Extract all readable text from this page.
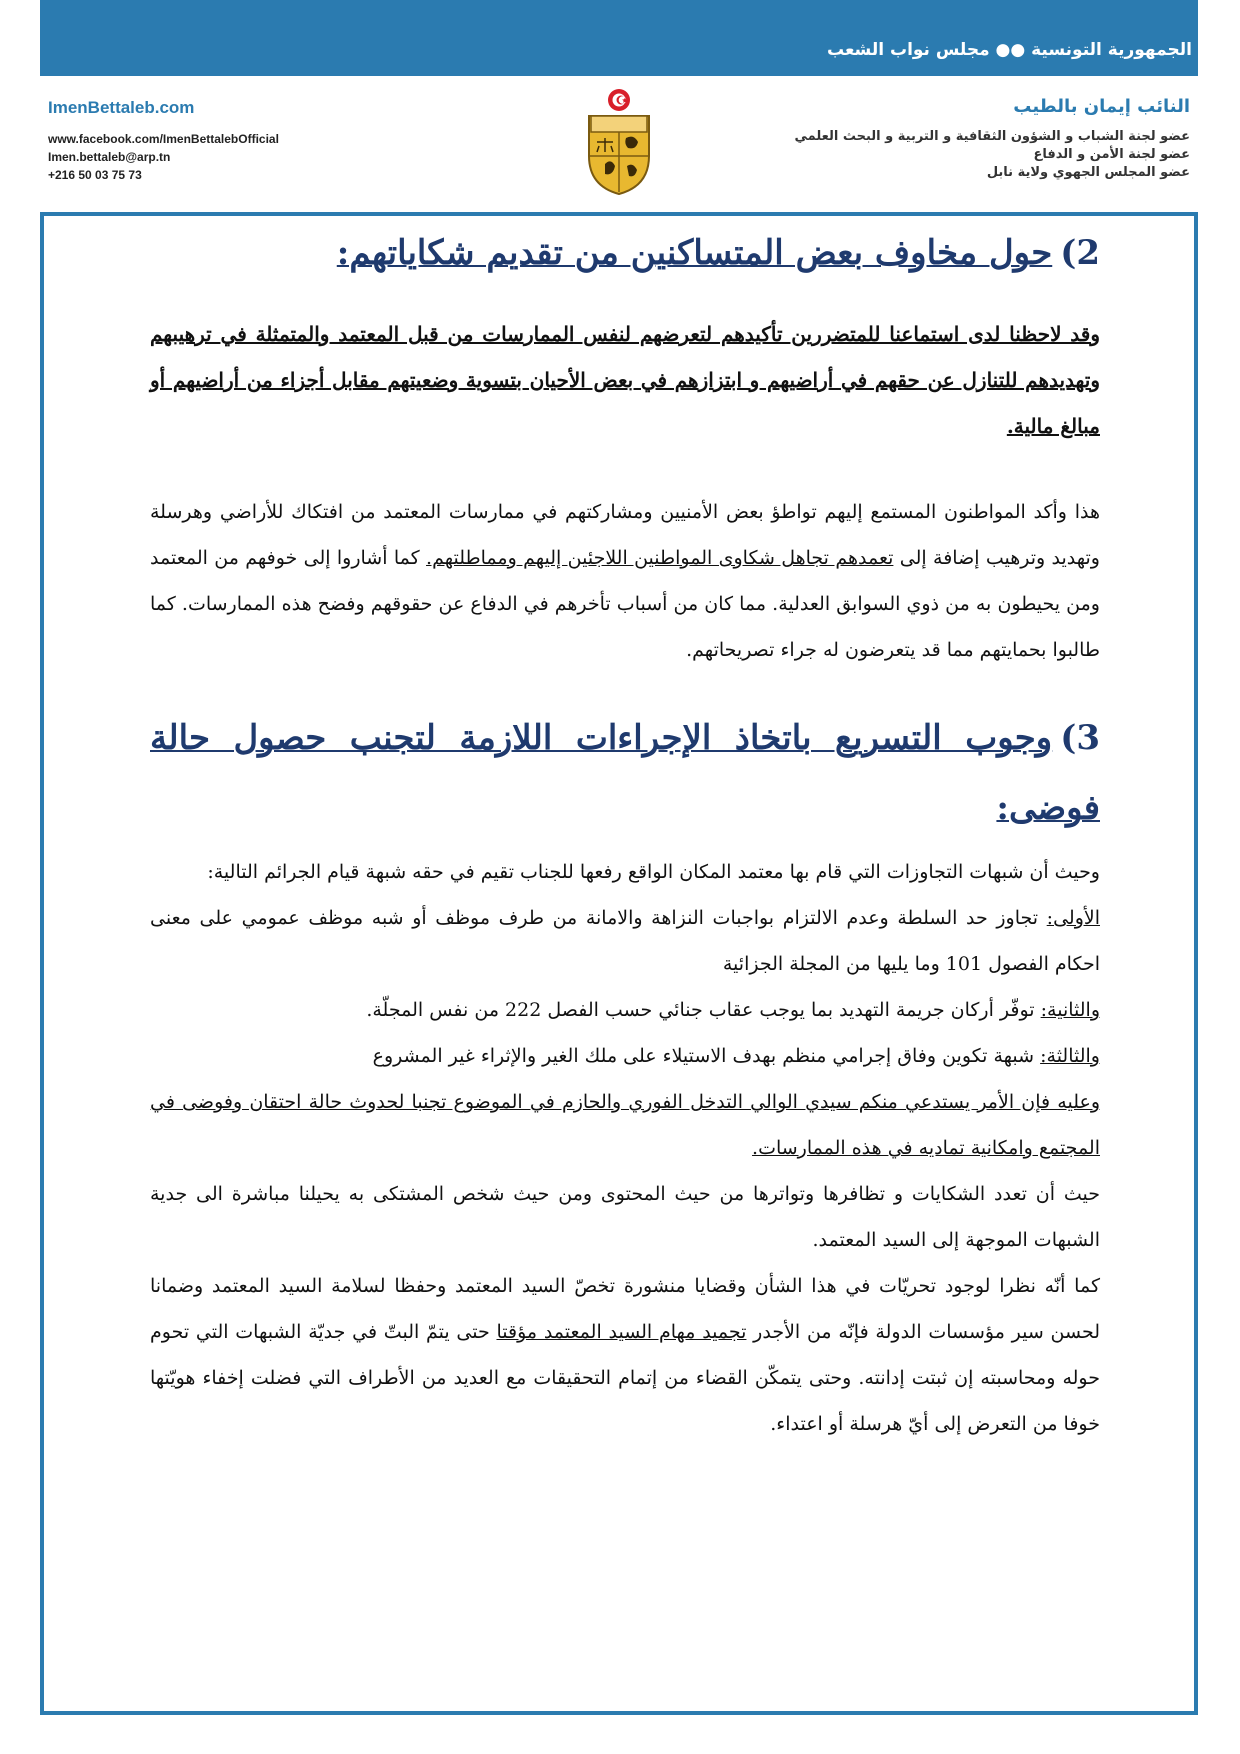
الجمهورية التونسية ●● مجلس نواب الشعب
ImenBettaleb.com
www.facebook.com/ImenBettalebOfficial
Imen.bettaleb@arp.tn
+216 50 03 75 73
النائب إيمان بالطيب
عضو لجنة الشباب و الشؤون الثقافية و التربية و البحث العلمي
عضو لجنة الأمن و الدفاع
عضو المجلس الجهوي ولاية نابل
2)حول مخاوف بعض المتساكنين من تقديم شكاياتهم:

وقد لاحظنا لدى استماعنا للمتضررين تأكيدهم لتعرضهم لنفس الممارسات من قبل المعتمد والمتمثلة في ترهيبهم وتهديدهم للتنازل عن حقهم في أراضيهم و ابتزازهم في بعض الأحيان بتسوية وضعيتهم مقابل أجزاء من أراضيهم أو مبالغ مالية.

هذا وأكد المواطنون المستمع إليهم تواطؤ بعض الأمنيين ومشاركتهم في ممارسات المعتمد من افتكاك للأراضي وهرسلة وتهديد وترهيب إضافة إلى تعمدهم تجاهل شكاوى المواطنين اللاجئين إليهم ومماطلتهم. كما أشاروا إلى خوفهم من المعتمد ومن يحيطون به من ذوي السوابق العدلية. مما كان من أسباب تأخرهم في الدفاع عن حقوقهم وفضح هذه الممارسات. كما طالبوا بحمايتهم مما قد يتعرضون له جراء تصريحاتهم.

3)وجوب التسريع باتخاذ الإجراءات اللازمة لتجنب حصول حالة فوضى:

وحيث أن شبهات التجاوزات التي قام بها معتمد المكان الواقع رفعها للجناب تقيم في حقه شبهة قيام الجرائم التالية:

الأولى: تجاوز حد السلطة وعدم الالتزام بواجبات النزاهة والامانة من طرف موظف أو شبه موظف عمومي على معنى احكام الفصول 101 وما يليها من المجلة الجزائية

والثانية: توفّر أركان جريمة التهديد بما يوجب عقاب جنائي حسب الفصل 222 من نفس المجلّة.

والثالثة: شبهة تكوين وفاق إجرامي منظم بهدف الاستيلاء على ملك الغير والإثراء غير المشروع

وعليه فإن الأمر يستدعي منكم سيدي الوالي التدخل الفوري والحازم في الموضوع تجنبا لحدوث حالة احتقان وفوضى في المجتمع وامكانية تماديه في هذه الممارسات.

حيث أن تعدد الشكايات و تظافرها وتواترها من حيث المحتوى ومن حيث شخص المشتكى به يحيلنا مباشرة الى جدية الشبهات الموجهة إلى السيد المعتمد.

كما أنّه نظرا لوجود تحريّات في هذا الشأن وقضايا منشورة تخصّ السيد المعتمد وحفظا لسلامة السيد المعتمد وضمانا لحسن سير مؤسسات الدولة فإنّه من الأجدر تجميد مهام السيد المعتمد مؤقتا حتى يتمّ البتّ في جديّة الشبهات التي تحوم حوله ومحاسبته إن ثبتت إدانته. وحتى يتمكّن القضاء من إتمام التحقيقات مع العديد من الأطراف التي فضلت إخفاء هويّتها خوفا من التعرض إلى أيّ هرسلة أو اعتداء.
